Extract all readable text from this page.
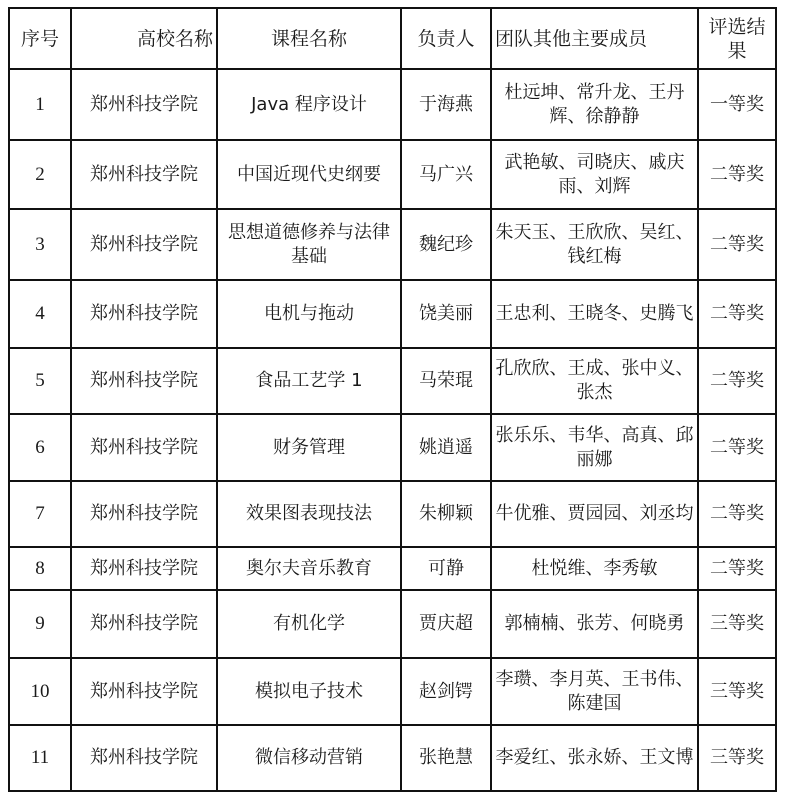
序号	高校名称	课程名称	负责人	团队其他主要成员	评选结果
1	郑州科技学院	Java 程序设计	于海燕	杜远坤、常升龙、王丹辉、徐静静	一等奖
2	郑州科技学院	中国近现代史纲要	马广兴	武艳敏、司晓庆、戚庆雨、刘辉	二等奖
3	郑州科技学院	思想道德修养与法律基础	魏纪珍	朱天玉、王欣欣、吴红、钱红梅	二等奖
4	郑州科技学院	电机与拖动	饶美丽	王忠利、王晓冬、史腾飞	二等奖
5	郑州科技学院	食品工艺学 1	马荣琨	孔欣欣、王成、张中义、张杰	二等奖
6	郑州科技学院	财务管理	姚逍遥	张乐乐、韦华、高真、邱丽娜	二等奖
7	郑州科技学院	效果图表现技法	朱柳颖	牛优雅、贾园园、刘丞均	二等奖
8	郑州科技学院	奥尔夫音乐教育	可静	杜悦维、李秀敏	二等奖
9	郑州科技学院	有机化学	贾庆超	郭楠楠、张芳、何晓勇	三等奖
10	郑州科技学院	模拟电子技术	赵剑锷	李瓒、李月英、王书伟、陈建国	三等奖
11	郑州科技学院	微信移动营销	张艳慧	李爱红、张永娇、王文博	三等奖
